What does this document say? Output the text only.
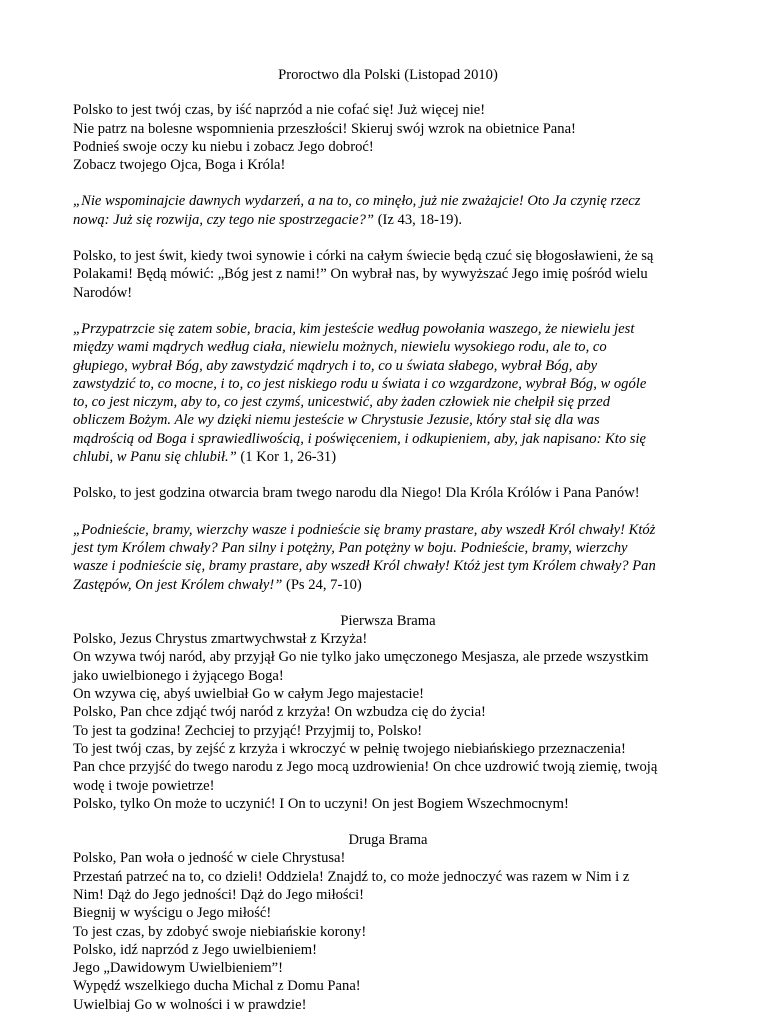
Proroctwo dla Polski (Listopad 2010)
Polsko to jest twój czas, by iść naprzód a nie cofać się! Już więcej nie!
Nie patrz na bolesne wspomnienia przeszłości! Skieruj swój wzrok na obietnice Pana!
Podnieś swoje oczy ku niebu i zobacz Jego dobroć!
Zobacz twojego Ojca, Boga i Króla!
„Nie wspominajcie dawnych wydarzeń, a na to, co minęło, już nie zważajcie! Oto Ja czynię rzecz
nową: Już się rozwija, czy tego nie spostrzegacie?” (Iz 43, 18-19).
Polsko, to jest świt, kiedy twoi synowie i córki na całym świecie będą czuć się błogosławieni, że są
Polakami! Będą mówić: „Bóg jest z nami!” On wybrał nas, by wywyższać Jego imię pośród wielu
Narodów!
„Przypatrzcie się zatem sobie, bracia, kim jesteście według powołania waszego, że niewielu jest
między wami mądrych według ciała, niewielu możnych, niewielu wysokiego rodu, ale to, co
głupiego, wybrał Bóg, aby zawstydzić mądrych i to, co u świata słabego, wybrał Bóg, aby
zawstydzić to, co mocne, i to, co jest niskiego rodu u świata i co wzgardzone, wybrał Bóg, w ogóle
to, co jest niczym, aby to, co jest czymś, unicestwić, aby żaden człowiek nie chełpił się przed
obliczem Bożym. Ale wy dzięki niemu jesteście w Chrystusie Jezusie, który stał się dla was
mądrością od Boga i sprawiedliwością, i poświęceniem, i odkupieniem, aby, jak napisano: Kto się
chlubi, w Panu się chlubił.” (1 Kor 1, 26-31)
Polsko, to jest godzina otwarcia bram twego narodu dla Niego! Dla Króla Królów i Pana Panów!
„Podnieście, bramy, wierzchy wasze i podnieście się bramy prastare, aby wszedł Król chwały! Któż
jest tym Królem chwały? Pan silny i potężny, Pan potężny w boju. Podnieście, bramy, wierzchy
wasze i podnieście się, bramy prastare, aby wszedł Król chwały! Któż jest tym Królem chwały? Pan
Zastępów, On jest Królem chwały!” (Ps 24, 7-10)
Pierwsza Brama
Polsko, Jezus Chrystus zmartwychwstał z Krzyża!
On wzywa twój naród, aby przyjął Go nie tylko jako umęczonego Mesjasza, ale przede wszystkim
jako uwielbionego i żyjącego Boga!
On wzywa cię, abyś uwielbiał Go w całym Jego majestacie!
Polsko, Pan chce zdjąć twój naród z krzyża! On wzbudza cię do życia!
To jest ta godzina! Zechciej to przyjąć! Przyjmij to, Polsko!
To jest twój czas, by zejść z krzyża i wkroczyć w pełnię twojego niebiańskiego przeznaczenia!
Pan chce przyjść do twego narodu z Jego mocą uzdrowienia! On chce uzdrowić twoją ziemię, twoją
wodę i twoje powietrze!
Polsko, tylko On może to uczynić! I On to uczyni! On jest Bogiem Wszechmocnym!
Druga Brama
Polsko, Pan woła o jedność w ciele Chrystusa!
Przestań patrzeć na to, co dzieli! Oddziela! Znajdź to, co może jednoczyć was razem w Nim i z
Nim! Dąż do Jego jedności! Dąż do Jego miłości!
Biegnij w wyścigu o Jego miłość!
To jest czas, by zdobyć swoje niebiańskie korony!
Polsko, idź naprzód z Jego uwielbieniem!
Jego „Dawidowym Uwielbieniem”!
Wypędź wszelkiego ducha Michal z Domu Pana!
Uwielbiaj Go w wolności i w prawdzie!
